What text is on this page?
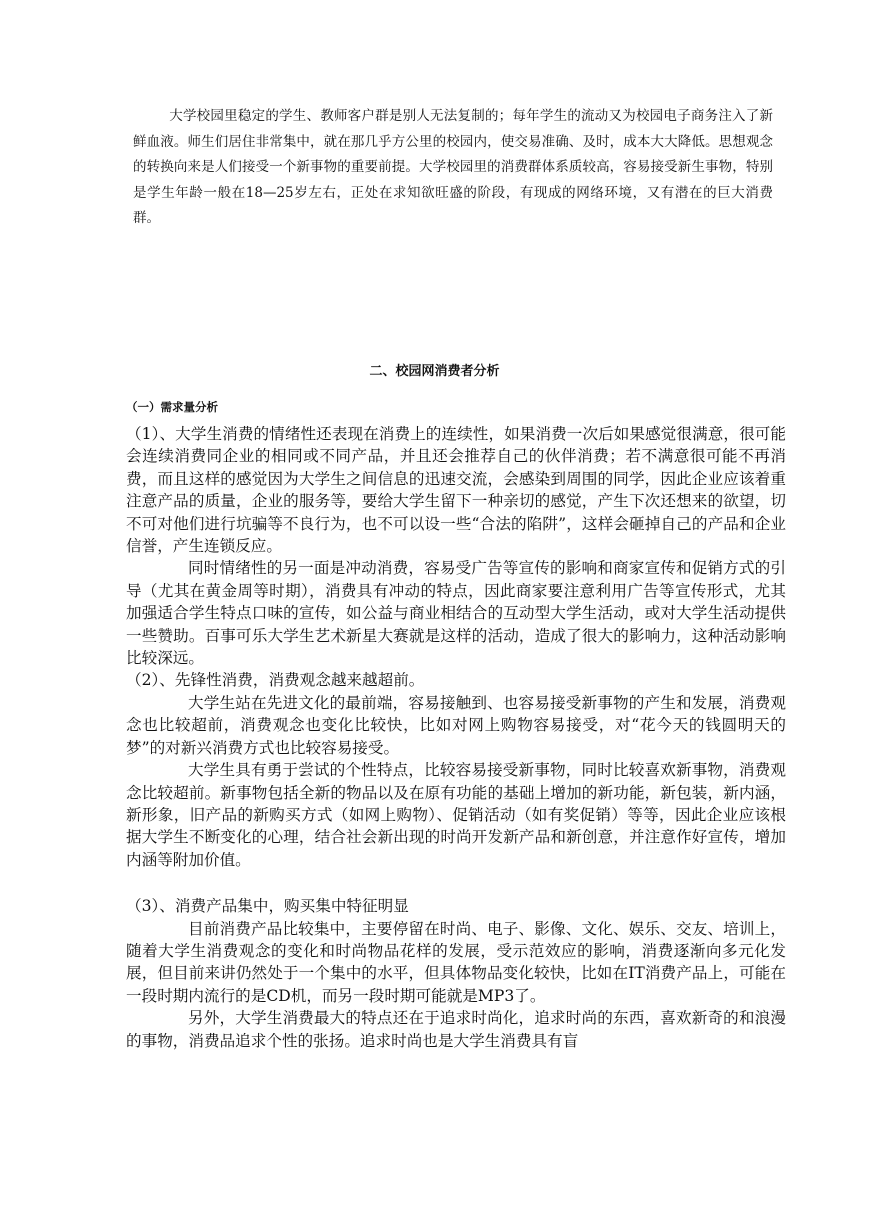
大学校园里稳定的学生、教师客户群是别人无法复制的；每年学生的流动又为校园电子商务注入了新鲜血液。师生们居住非常集中，就在那几乎方公里的校园内，使交易准确、及时，成本大大降低。思想观念的转换向来是人们接受一个新事物的重要前提。大学校园里的消费群体系质较高，容易接受新生事物，特别是学生年龄一般在18—25岁左右，正处在求知欲旺盛的阶段，有现成的网络环境，又有潜在的巨大消费群。

二、校园网消费者分析
（一）需求量分析

（1）、大学生消费的情绪性还表现在消费上的连续性，如果消费一次后如果感觉很满意，很可能会连续消费同企业的相同或不同产品，并且还会推荐自己的伙伴消费；若不满意很可能不再消费，而且这样的感觉因为大学生之间信息的迅速交流，会感染到周围的同学，因此企业应该着重注意产品的质量，企业的服务等，要给大学生留下一种亲切的感觉，产生下次还想来的欲望，切不可对他们进行坑骗等不良行为，也不可以设一些“合法的陷阱”，这样会砸掉自己的产品和企业信誉，产生连锁反应。

同时情绪性的另一面是冲动消费，容易受广告等宣传的影响和商家宣传和促销方式的引导（尤其在黄金周等时期），消费具有冲动的特点，因此商家要注意利用广告等宣传形式，尤其加强适合学生特点口味的宣传，如公益与商业相结合的互动型大学生活动，或对大学生活动提供一些赞助。百事可乐大学生艺术新星大赛就是这样的活动，造成了很大的影响力，这种活动影响比较深远。

（2）、先锋性消费，消费观念越来越超前。

大学生站在先进文化的最前端，容易接触到、也容易接受新事物的产生和发展，消费观念也比较超前，消费观念也变化比较快，比如对网上购物容易接受，对“花今天的钱圆明天的梦”的对新兴消费方式也比较容易接受。

大学生具有勇于尝试的个性特点，比较容易接受新事物，同时比较喜欢新事物，消费观念比较超前。新事物包括全新的物品以及在原有功能的基础上增加的新功能，新包装，新内涵，新形象，旧产品的新购买方式（如网上购物）、促销活动（如有奖促销）等等，因此企业应该根据大学生不断变化的心理，结合社会新出现的时尚开发新产品和新创意，并注意作好宣传，增加内涵等附加价值。

（3）、消费产品集中，购买集中特征明显

目前消费产品比较集中，主要停留在时尚、电子、影像、文化、娱乐、交友、培训上，随着大学生消费观念的变化和时尚物品花样的发展，受示范效应的影响，消费逐渐向多元化发展，但目前来讲仍然处于一个集中的水平，但具体物品变化较快，比如在IT消费产品上，可能在一段时期内流行的是CD机，而另一段时期可能就是MP3了。

另外，大学生消费最大的特点还在于追求时尚化，追求时尚的东西，喜欢新奇的和浪漫的事物，消费品追求个性的张扬。追求时尚也是大学生消费具有盲
